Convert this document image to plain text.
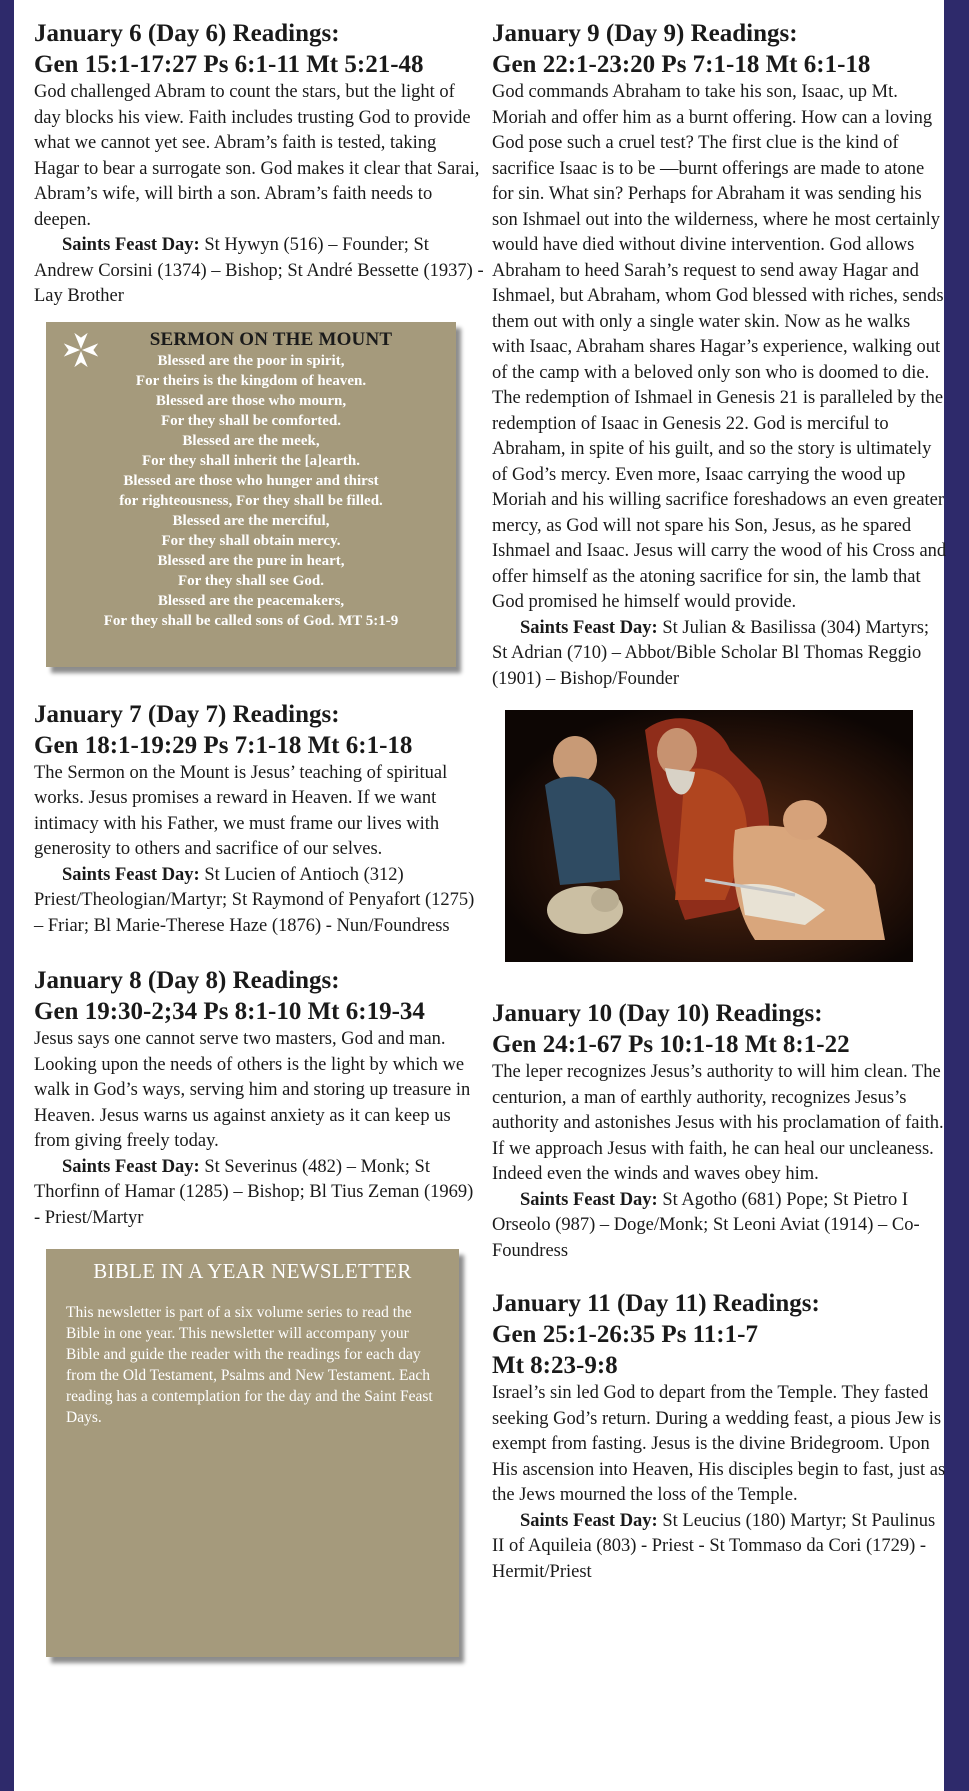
January 6 (Day 6) Readings:
Gen 15:1-17:27 Ps 6:1-11 Mt 5:21-48

God challenged Abram to count the stars, but the light of day blocks his view. Faith includes trusting God to provide what we cannot yet see. Abram’s faith is tested, taking Hagar to bear a surrogate son. God makes it clear that Sarai, Abram’s wife, will birth a son. Abram’s faith needs to deepen.

Saints Feast Day: St Hywyn (516) – Founder; St Andrew Corsini (1374) – Bishop; St André Bessette (1937) - Lay Brother

SERMON ON THE MOUNT
Blessed are the poor in spirit,
For theirs is the kingdom of heaven.
Blessed are those who mourn,
For they shall be comforted.
Blessed are the meek,
For they shall inherit the [a]earth.
Blessed are those who hunger and thirst
for righteousness, For they shall be filled.
Blessed are the merciful,
For they shall obtain mercy.
Blessed are the pure in heart,
For they shall see God.
Blessed are the peacemakers,
For they shall be called sons of God. MT 5:1-9
January 7 (Day 7) Readings:
Gen 18:1-19:29 Ps 7:1-18 Mt 6:1-18

The Sermon on the Mount is Jesus’ teaching of spiritual works. Jesus promises a reward in Heaven. If we want intimacy with his Father, we must frame our lives with generosity to others and sacrifice of our selves.

Saints Feast Day: St Lucien of Antioch (312) Priest/Theologian/Martyr; St Raymond of Penyafort (1275) – Friar; Bl Marie-Therese Haze (1876) - Nun/Foundress

January 8 (Day 8) Readings:
Gen 19:30-2;34 Ps 8:1-10 Mt 6:19-34

Jesus says one cannot serve two masters, God and man. Looking upon the needs of others is the light by which we walk in God’s ways, serving him and storing up treasure in Heaven. Jesus warns us against anxiety as it can keep us from giving freely today.

Saints Feast Day: St Severinus (482) – Monk; St Thorfinn of Hamar (1285) – Bishop; Bl Tius Zeman (1969) - Priest/Martyr

BIBLE IN A YEAR NEWSLETTER
This newsletter is part of a six volume series to read the Bible in one year. This newsletter will accompany your Bible and guide the reader with the readings for each day from the Old Testament, Psalms and New Testament. Each reading has a contemplation for the day and the Saint Feast Days.
January 9 (Day 9) Readings:
Gen 22:1-23:20 Ps 7:1-18 Mt 6:1-18

God commands Abraham to take his son, Isaac, up Mt. Moriah and offer him as a burnt offering. How can a loving God pose such a cruel test? The first clue is the kind of sacrifice Isaac is to be —burnt offerings are made to atone for sin. What sin? Perhaps for Abraham it was sending his son Ishmael out into the wilderness, where he most certainly would have died without divine intervention. God allows Abraham to heed Sarah’s request to send away Hagar and Ishmael, but Abraham, whom God blessed with riches, sends them out with only a single water skin. Now as he walks with Isaac, Abraham shares Hagar’s experience, walking out of the camp with a beloved only son who is doomed to die. The redemption of Ishmael in Genesis 21 is paralleled by the redemption of Isaac in Genesis 22. God is merciful to Abraham, in spite of his guilt, and so the story is ultimately of God’s mercy. Even more, Isaac carrying the wood up Moriah and his willing sacrifice foreshadows an even greater mercy, as God will not spare his Son, Jesus, as he spared Ishmael and Isaac. Jesus will carry the wood of his Cross and offer himself as the atoning sacrifice for sin, the lamb that God promised he himself would provide.

Saints Feast Day: St Julian & Basilissa (304) Martyrs; St Adrian (710) – Abbot/Bible Scholar Bl Thomas Reggio (1901) – Bishop/Founder

January 10 (Day 10) Readings:
Gen 24:1-67 Ps 10:1-18 Mt 8:1-22

The leper recognizes Jesus’s authority to will him clean. The centurion, a man of earthly authority, recognizes Jesus’s authority and astonishes Jesus with his proclamation of faith. If we approach Jesus with faith, he can heal our uncleaness. Indeed even the winds and waves obey him.

Saints Feast Day: St Agotho (681) Pope; St Pietro I Orseolo (987) – Doge/Monk; St Leoni Aviat (1914) – Co-Foundress

January 11 (Day 11) Readings:
Gen 25:1-26:35 Ps 11:1-7
Mt 8:23-9:8

Israel’s sin led God to depart from the Temple. They fasted seeking God’s return. During a wedding feast, a pious Jew is exempt from fasting. Jesus is the divine Bridegroom. Upon His ascension into Heaven, His disciples begin to fast, just as the Jews mourned the loss of the Temple.

Saints Feast Day: St Leucius (180) Martyr; St Paulinus II of Aquileia (803) - Priest - St Tommaso da Cori (1729) - Hermit/Priest
